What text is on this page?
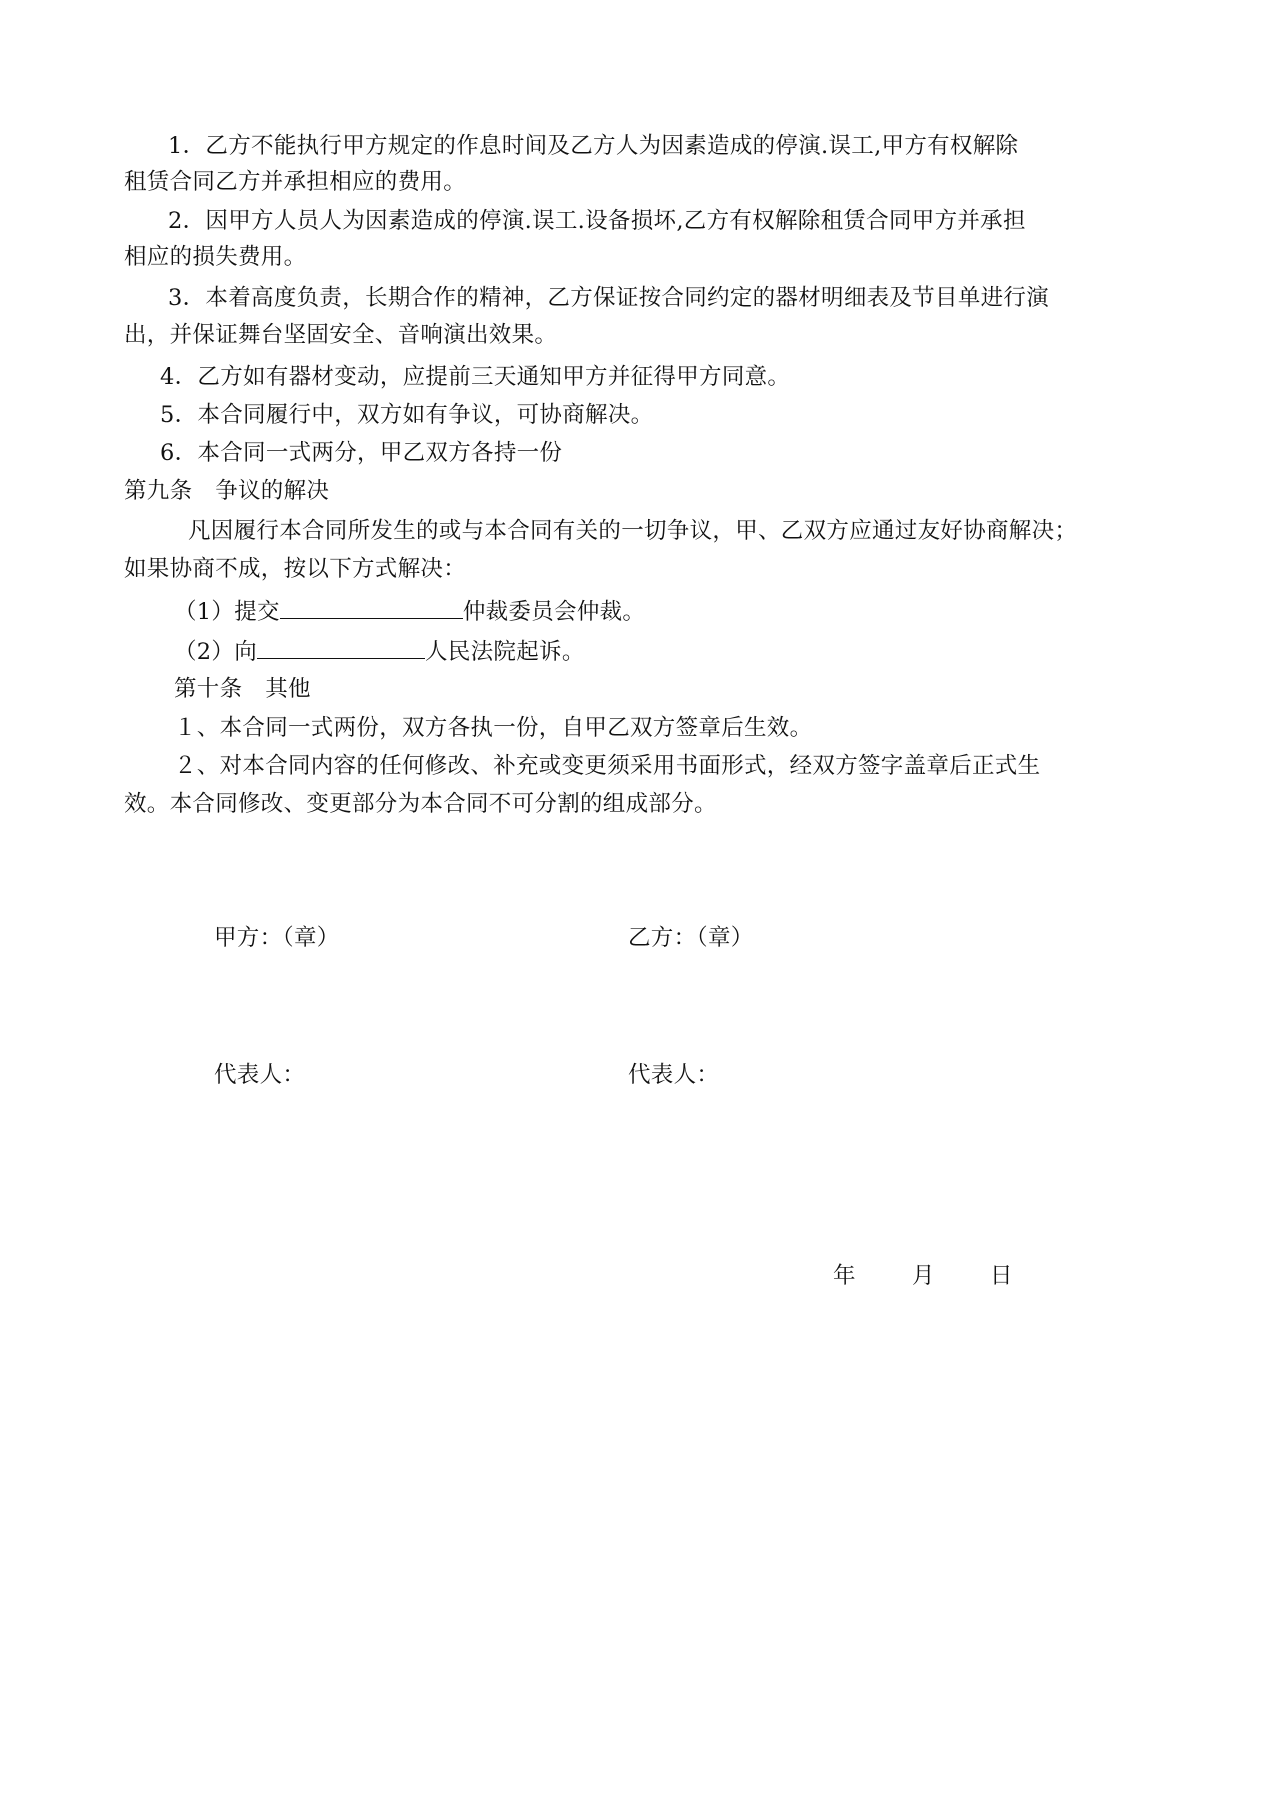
1．乙方不能执行甲方规定的作息时间及乙方人为因素造成的停演.误工,甲方有权解除
租赁合同乙方并承担相应的费用。
2．因甲方人员人为因素造成的停演.误工.设备损坏,乙方有权解除租赁合同甲方并承担
相应的损失费用。
3．本着高度负责，长期合作的精神，乙方保证按合同约定的器材明细表及节目单进行演
出，并保证舞台坚固安全、音响演出效果。
4．乙方如有器材变动，应提前三天通知甲方并征得甲方同意。
5．本合同履行中，双方如有争议，可协商解决。
6．本合同一式两分，甲乙双方各持一份
第九条　争议的解决
凡因履行本合同所发生的或与本合同有关的一切争议，甲、乙双方应通过友好协商解决；
如果协商不成，按以下方式解决：
（1）提交	仲裁委员会仲裁。
（2）向	人民法院起诉。
第十条　其他
１、本合同一式两份，双方各执一份，自甲乙双方签章后生效。
２、对本合同内容的任何修改、补充或变更须采用书面形式，经双方签字盖章后正式生
效。本合同修改、变更部分为本合同不可分割的组成部分。
甲方：（章）	乙方：（章）
代表人：	代表人：
年 月 日
